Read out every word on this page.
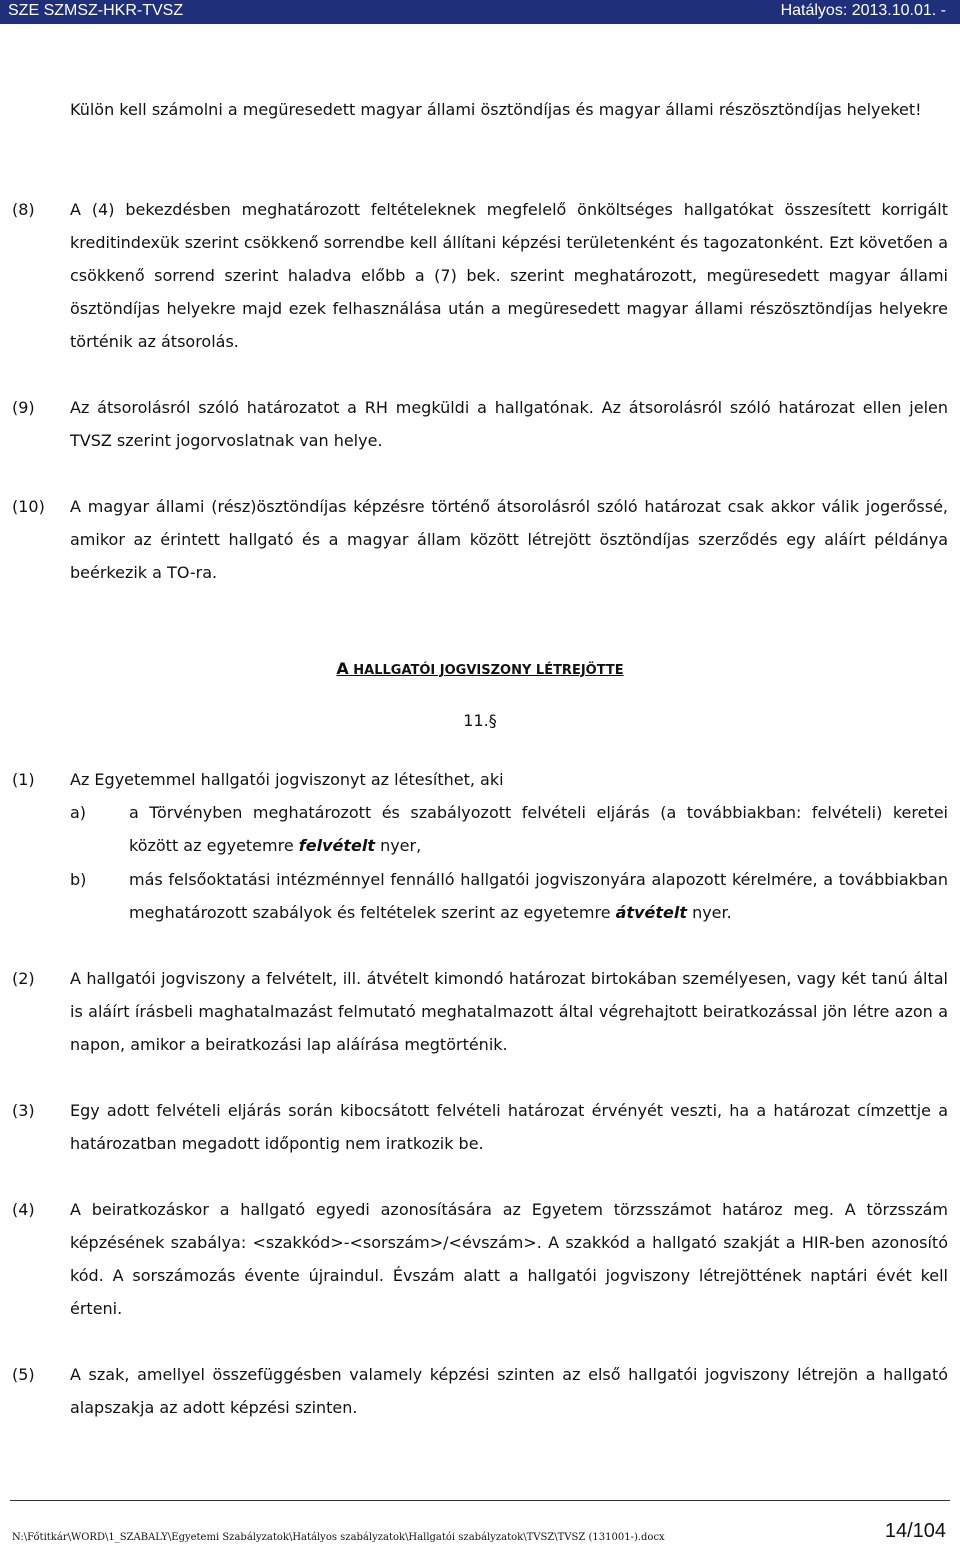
SZE SZMSZ-HKR-TVSZ	Hatályos: 2013.10.01. -
Külön kell számolni a megüresedett magyar állami ösztöndíjas és magyar állami részösztöndíjas helyeket!
(8) A (4) bekezdésben meghatározott feltételeknek megfelelő önköltséges hallgatókat összesített korrigált kreditindexük szerint csökkenő sorrendbe kell állítani képzési területenként és tagozatonként. Ezt követően a csökkenő sorrend szerint haladva előbb a (7) bek. szerint meghatározott, megüresedett magyar állami ösztöndíjas helyekre majd ezek felhasználása után a megüresedett magyar állami részösztöndíjas helyekre történik az átsorolás.
(9) Az átsorolásról szóló határozatot a RH megküldi a hallgatónak. Az átsorolásról szóló határozat ellen jelen TVSZ szerint jogorvoslatnak van helye.
(10) A magyar állami (rész)ösztöndíjas képzésre történő átsorolásról szóló határozat csak akkor válik jogerőssé, amikor az érintett hallgató és a magyar állam között létrejött ösztöndíjas szerződés egy aláírt példánya beérkezik a TO-ra.
A HALLGATÓI JOGVISZONY LÉTREJÖTTE
11.§
(1) Az Egyetemmel hallgatói jogviszonyt az létesíthet, aki
a)	a Törvényben meghatározott és szabályozott felvételi eljárás (a továbbiakban: felvételi) keretei között az egyetemre felvételt nyer,
b)	más felsőoktatási intézménnyel fennálló hallgatói jogviszonyára alapozott kérelmére, a továbbiakban meghatározott szabályok és feltételek szerint az egyetemre átvételt nyer.
(2) A hallgatói jogviszony a felvételt, ill. átvételt kimondó határozat birtokában személyesen, vagy két tanú által is aláírt írásbeli maghatalmazást felmutató meghatalmazott által végrehajtott beiratkozással jön létre azon a napon, amikor a beiratkozási lap aláírása megtörténik.
(3) Egy adott felvételi eljárás során kibocsátott felvételi határozat érvényét veszti, ha a határozat címzettje a határozatban megadott időpontig nem iratkozik be.
(4) A beiratkozáskor a hallgató egyedi azonosítására az Egyetem törzsszámot határoz meg. A törzsszám képzésének szabálya: <szakkód>-<sorszám>/<évszám>. A szakkód a hallgató szakját a HIR-ben azonosító kód. A sorszámozás évente újraindul. Évszám alatt a hallgatói jogviszony létrejöttének naptári évét kell érteni.
(5) A szak, amellyel összefüggésben valamely képzési szinten az első hallgatói jogviszony létrejön a hallgató alapszakja az adott képzési szinten.
N:\Főtitkár\WORD\1_SZABALY\Egyetemi Szabályzatok\Hatályos szabályzatok\Hallgatói szabályzatok\TVSZ\TVSZ (131001-).docx	14/104
